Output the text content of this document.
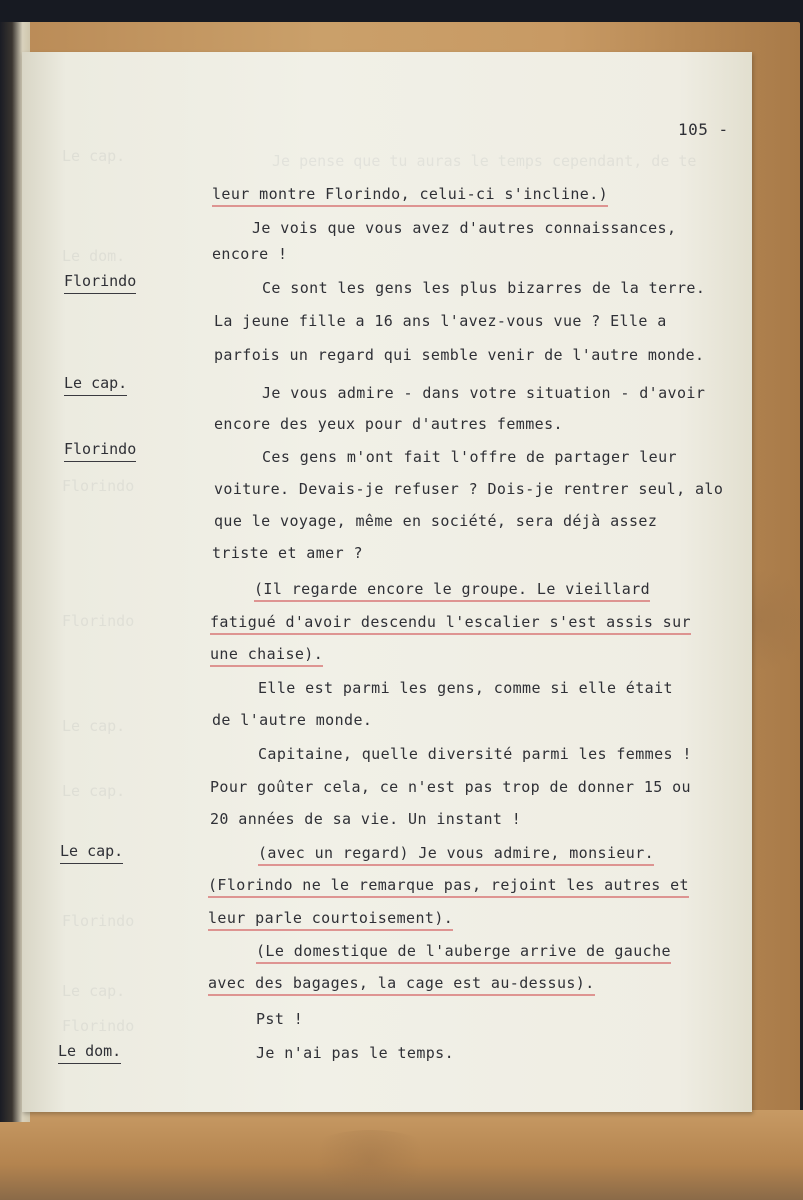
Le cap.	Je pense que tu auras le temps cependant, de te
Le dom.
Florindo
Florindo
Le cap.
Le cap.
Florindo
Le cap.
Florindo
105 -
Florindo
Le cap.
Florindo
Le cap.
Le dom.
leur montre Florindo, celui-ci s'incline.)
Je vois que vous avez d'autres connaissances,
encore !
Ce sont les gens les plus bizarres de la terre.
La jeune fille a 16 ans l'avez-vous vue ? Elle a
parfois un regard qui semble venir de l'autre monde.
Je vous admire - dans votre situation - d'avoir
encore des yeux pour d'autres femmes.
Ces gens m'ont fait l'offre de partager leur
voiture. Devais-je refuser ? Dois-je rentrer seul, alo
que le voyage, même en société, sera déjà assez
triste et amer ?
(Il regarde encore le groupe. Le vieillard
fatigué d'avoir descendu l'escalier s'est assis sur
une chaise).
Elle est parmi les gens, comme si elle était
de l'autre monde.
Capitaine, quelle diversité parmi les femmes !
Pour goûter cela, ce n'est pas trop de donner 15 ou
20 années de sa vie. Un instant !
(avec un regard) Je vous admire, monsieur.
(Florindo ne le remarque pas, rejoint les autres et
leur parle courtoisement).
(Le domestique de l'auberge arrive de gauche
avec des bagages, la cage est au-dessus).
Pst !
Je n'ai pas le temps.
